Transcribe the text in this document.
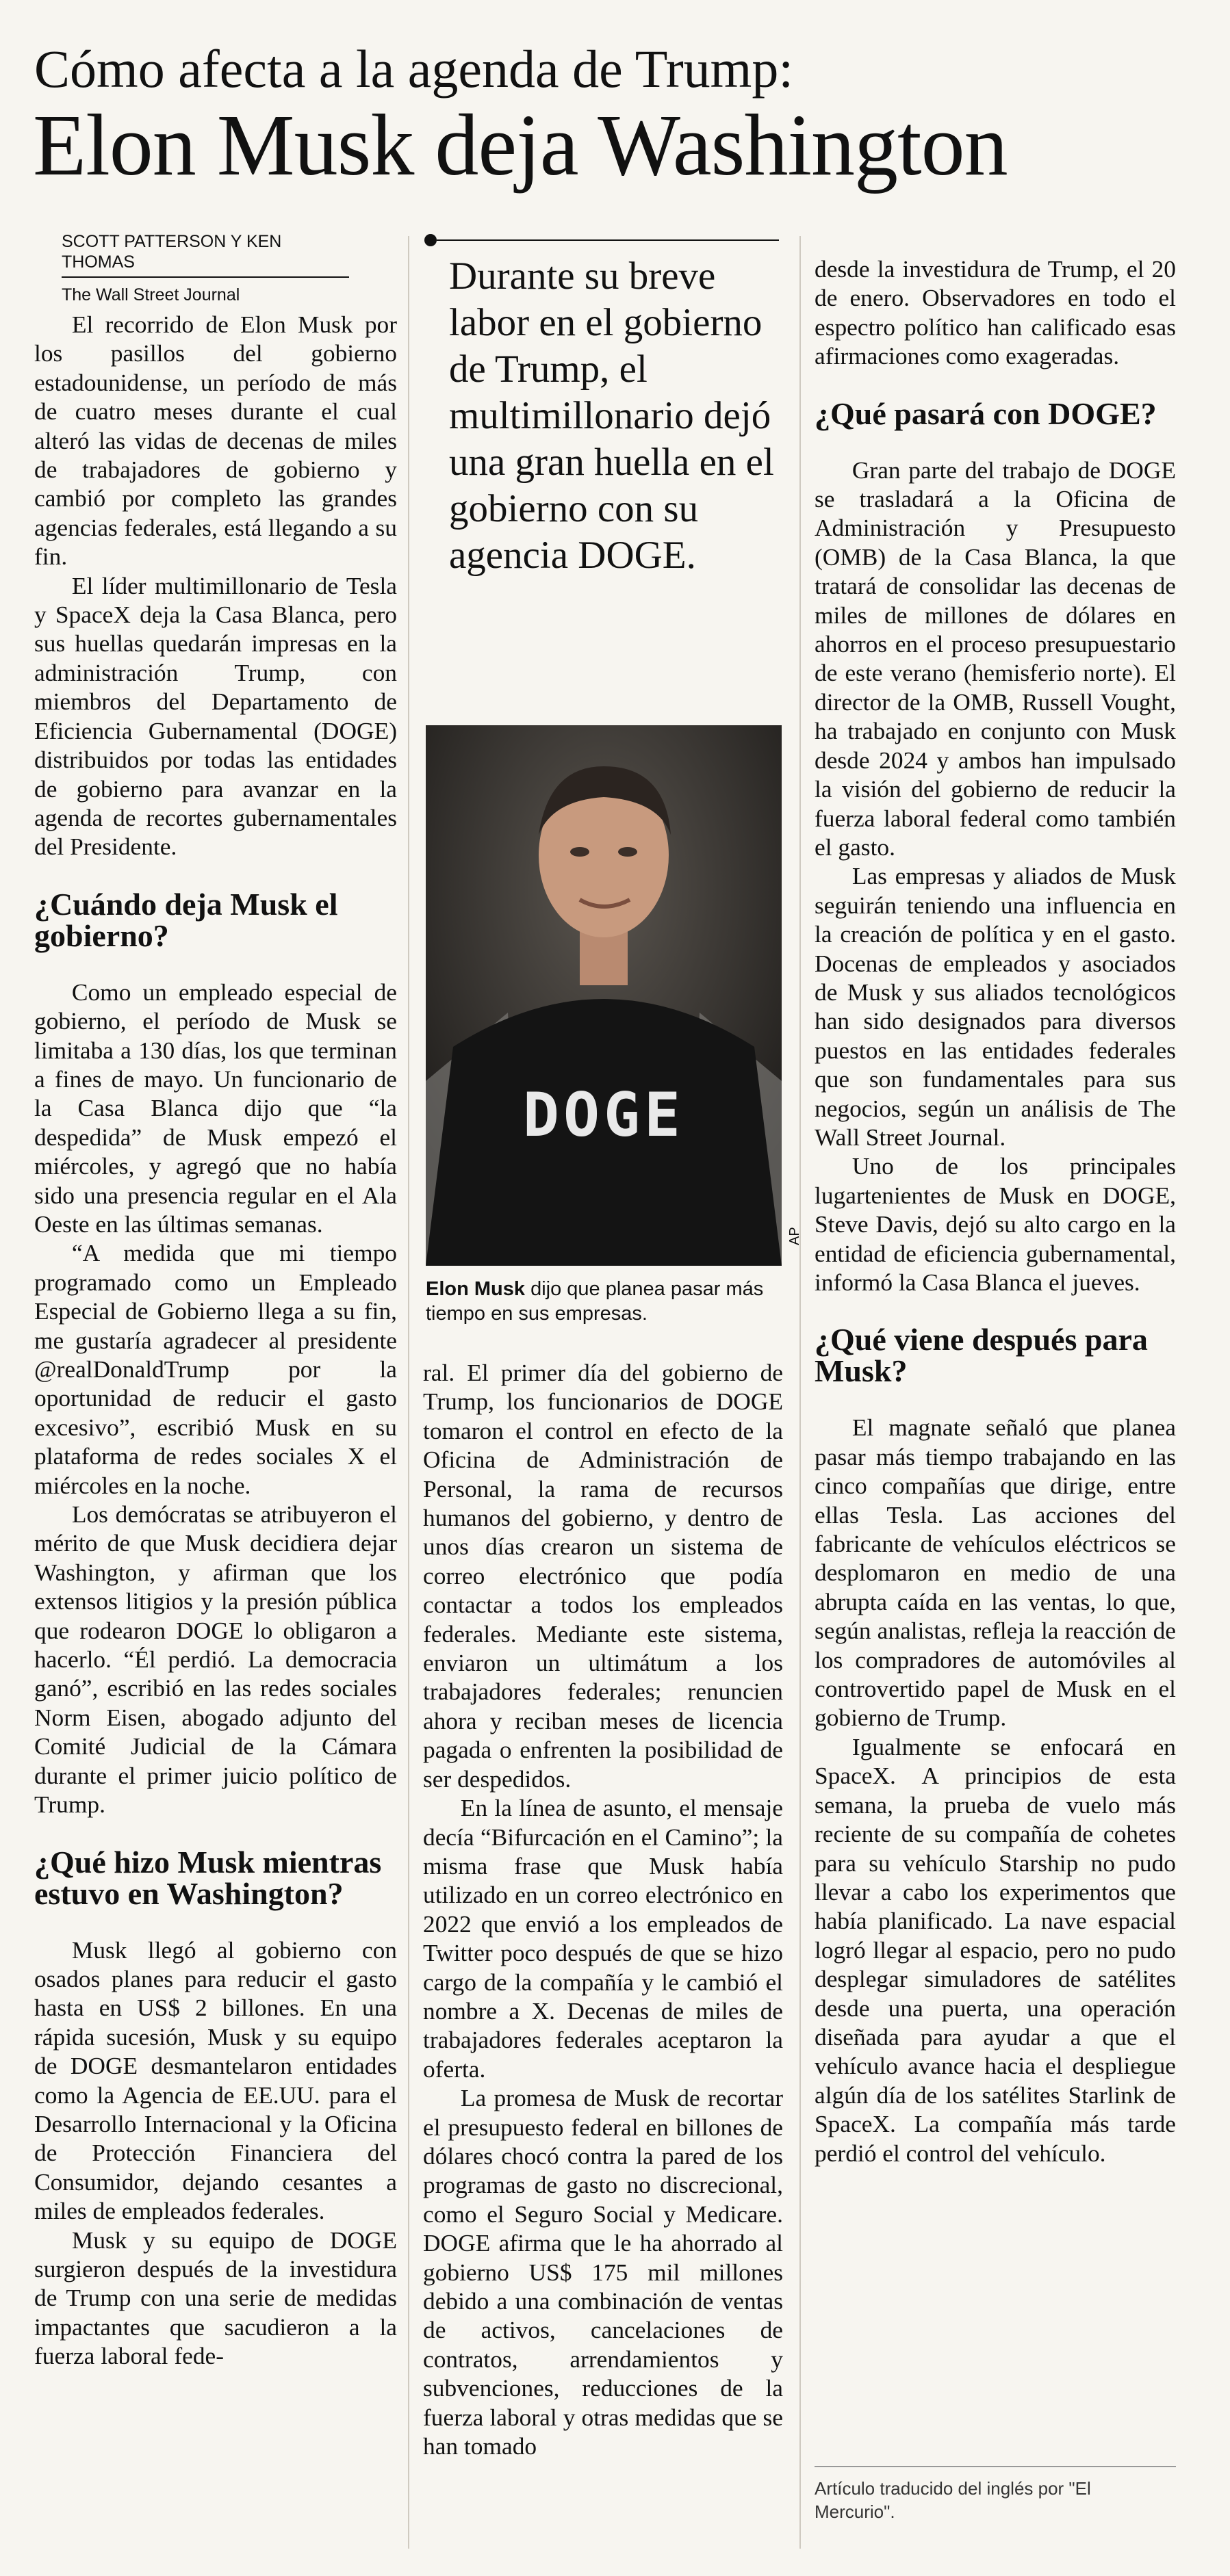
Cómo afecta a la agenda de Trump:
Elon Musk deja Washington
SCOTT PATTERSON Y KEN THOMAS
The Wall Street Journal

El recorrido de Elon Musk por los pasillos del gobierno estadounidense, un período de más de cuatro meses durante el cual alteró las vidas de decenas de miles de trabajadores de gobierno y cambió por completo las grandes agencias federales, está llegando a su fin.

El líder multimillonario de Tesla y SpaceX deja la Casa Blanca, pero sus huellas quedarán impresas en la administración Trump, con miembros del Departamento de Eficiencia Gubernamental (DOGE) distribuidos por todas las entidades de gobierno para avanzar en la agenda de recortes gubernamentales del Presidente.

¿Cuándo deja Musk el gobierno?

Como un empleado especial de gobierno, el período de Musk se limitaba a 130 días, los que terminan a fines de mayo. Un funcionario de la Casa Blanca dijo que “la despedida” de Musk empezó el miércoles, y agregó que no había sido una presencia regular en el Ala Oeste en las últimas semanas.

“A medida que mi tiempo programado como un Empleado Especial de Gobierno llega a su fin, me gustaría agradecer al presidente @realDonaldTrump por la oportunidad de reducir el gasto excesivo”, escribió Musk en su plataforma de redes sociales X el miércoles en la noche.

Los demócratas se atribuyeron el mérito de que Musk decidiera dejar Washington, y afirman que los extensos litigios y la presión pública que rodearon DOGE lo obligaron a hacerlo. “Él perdió. La democracia ganó”, escribió en las redes sociales Norm Eisen, abogado adjunto del Comité Judicial de la Cámara durante el primer juicio político de Trump.

¿Qué hizo Musk mientras estuvo en Washington?

Musk llegó al gobierno con osados planes para reducir el gasto hasta en US$ 2 billones. En una rápida sucesión, Musk y su equipo de DOGE desmantelaron entidades como la Agencia de EE.UU. para el Desarrollo Internacional y la Oficina de Protección Financiera del Consumidor, dejando cesantes a miles de empleados federales.

Musk y su equipo de DOGE surgieron después de la investidura de Trump con una serie de medidas impactantes que sacudieron a la fuerza laboral fede-

Durante su breve labor en el gobierno de Trump, el multimillonario dejó una gran huella en el gobierno con su agencia DOGE.
DOGE
AP
Elon Musk dijo que planea pasar más tiempo en sus empresas.

ral. El primer día del gobierno de Trump, los funcionarios de DOGE tomaron el control en efecto de la Oficina de Administración de Personal, la rama de recursos humanos del gobierno, y dentro de unos días crearon un sistema de correo electrónico que podía contactar a todos los empleados federales. Mediante este sistema, enviaron un ultimátum a los trabajadores federales; renuncien ahora y reciban meses de licencia pagada o enfrenten la posibilidad de ser despedidos.

En la línea de asunto, el mensaje decía “Bifurcación en el Camino”; la misma frase que Musk había utilizado en un correo electrónico en 2022 que envió a los empleados de Twitter poco después de que se hizo cargo de la compañía y le cambió el nombre a X. Decenas de miles de trabajadores federales aceptaron la oferta.

La promesa de Musk de recortar el presupuesto federal en billones de dólares chocó contra la pared de los programas de gasto no discrecional, como el Seguro Social y Medicare. DOGE afirma que le ha ahorrado al gobierno US$ 175 mil millones debido a una combinación de ventas de activos, cancelaciones de contratos, arrendamientos y subvenciones, reducciones de la fuerza laboral y otras medidas que se han tomado

desde la investidura de Trump, el 20 de enero. Observadores en todo el espectro político han calificado esas afirmaciones como exageradas.

¿Qué pasará con DOGE?

Gran parte del trabajo de DOGE se trasladará a la Oficina de Administración y Presupuesto (OMB) de la Casa Blanca, la que tratará de consolidar las decenas de miles de millones de dólares en ahorros en el proceso presupuestario de este verano (hemisferio norte). El director de la OMB, Russell Vought, ha trabajado en conjunto con Musk desde 2024 y ambos han impulsado la visión del gobierno de reducir la fuerza laboral federal como también el gasto.

Las empresas y aliados de Musk seguirán teniendo una influencia en la creación de política y en el gasto. Docenas de empleados y asociados de Musk y sus aliados tecnológicos han sido designados para diversos puestos en las entidades federales que son fundamentales para sus negocios, según un análisis de The Wall Street Journal.

Uno de los principales lugartenientes de Musk en DOGE, Steve Davis, dejó su alto cargo en la entidad de eficiencia gubernamental, informó la Casa Blanca el jueves.

¿Qué viene después para Musk?

El magnate señaló que planea pasar más tiempo trabajando en las cinco compañías que dirige, entre ellas Tesla. Las acciones del fabricante de vehículos eléctricos se desplomaron en medio de una abrupta caída en las ventas, lo que, según analistas, refleja la reacción de los compradores de automóviles al controvertido papel de Musk en el gobierno de Trump.

Igualmente se enfocará en SpaceX. A principios de esta semana, la prueba de vuelo más reciente de su compañía de cohetes para su vehículo Starship no pudo llevar a cabo los experimentos que había planificado. La nave espacial logró llegar al espacio, pero no pudo desplegar simuladores de satélites desde una puerta, una operación diseñada para ayudar a que el vehículo avance hacia el despliegue algún día de los satélites Starlink de SpaceX. La compañía más tarde perdió el control del vehículo.

Artículo traducido del inglés por "El Mercurio".
